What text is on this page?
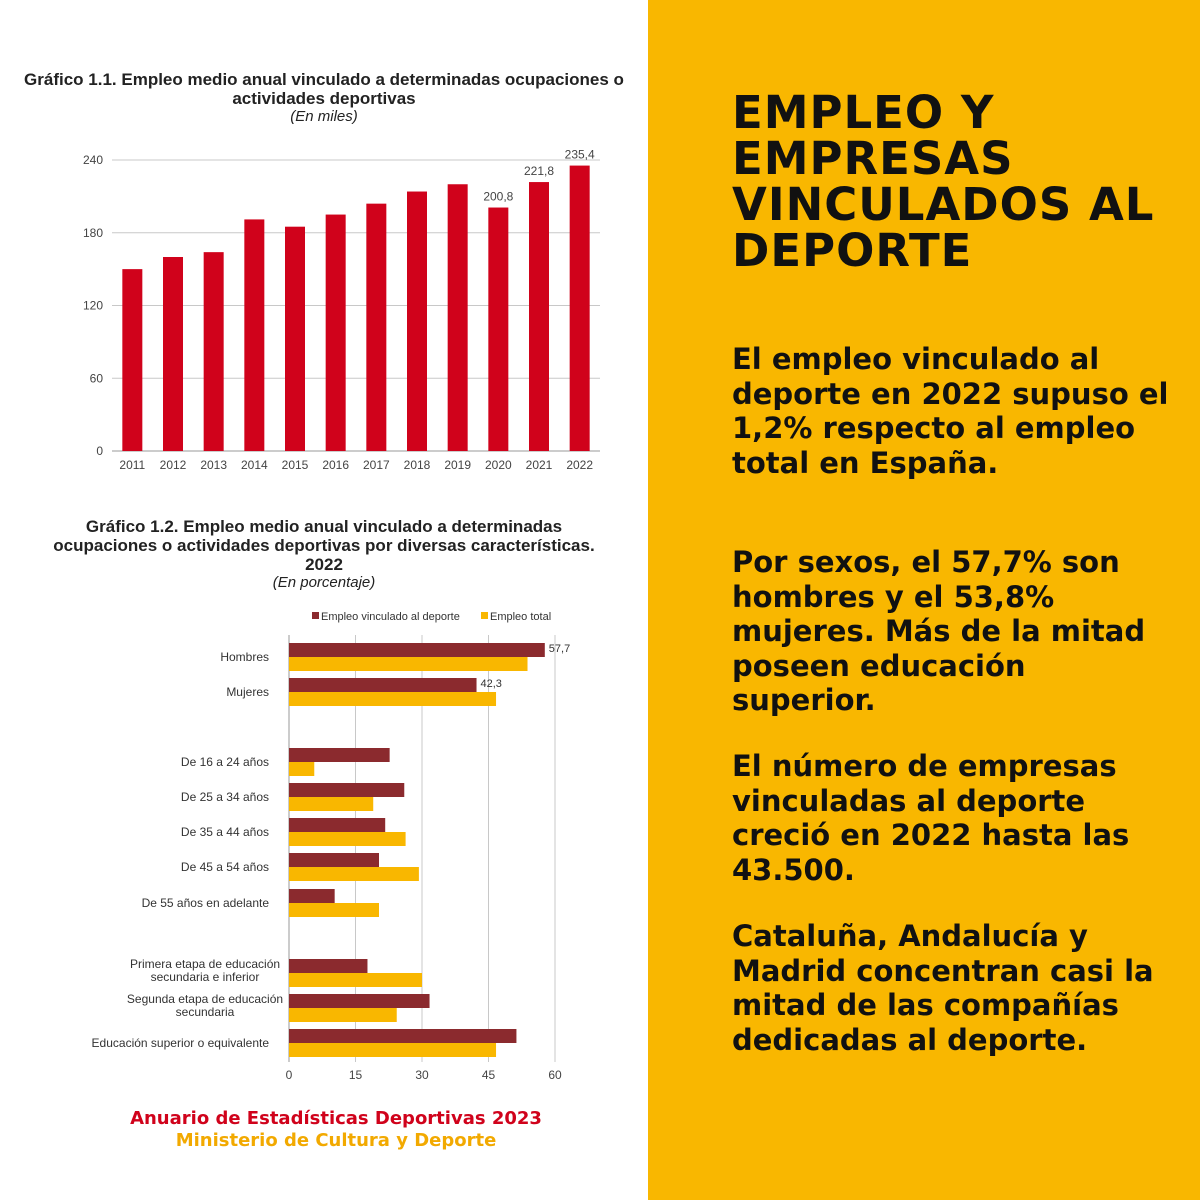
Gráfico 1.1. Empleo medio anual vinculado a determinadas ocupaciones o actividades deportivas
(En miles)
0
60
120
180
240
2011 2012 2013 2014 2015 2016 2017 2018 2019 2020
200,8
2021
221,8
2022
235,4
Gráfico 1.2. Empleo medio anual vinculado a determinadas ocupaciones o actividades deportivas por diversas características. 2022
(En porcentaje)
Empleo vinculado al deporte	Empleo total
0	15	30	45	60
57,7
Hombres
42,3
Mujeres
De 16 a 24 años
De 25 a 34 años
De 35 a 44 años
De 45 a 54 años
De 55 años en adelante
Primera etapa de educación
secundaria e inferior
Segunda etapa de educación
secundaria
Educación superior o equivalente
Anuario de Estadísticas Deportivas 2023
Ministerio de Cultura y Deporte
EMPLEO Y EMPRESAS VINCULADOS AL DEPORTE
El empleo vinculado al deporte en 2022 supuso el 1,2% respecto al empleo total en España.
Por sexos, el 57,7% son hombres y el 53,8% mujeres. Más de la mitad poseen educación superior.
El número de empresas vinculadas al deporte creció en 2022 hasta las 43.500.
Cataluña, Andalucía y Madrid concentran casi la mitad de las compañías dedicadas al deporte.
